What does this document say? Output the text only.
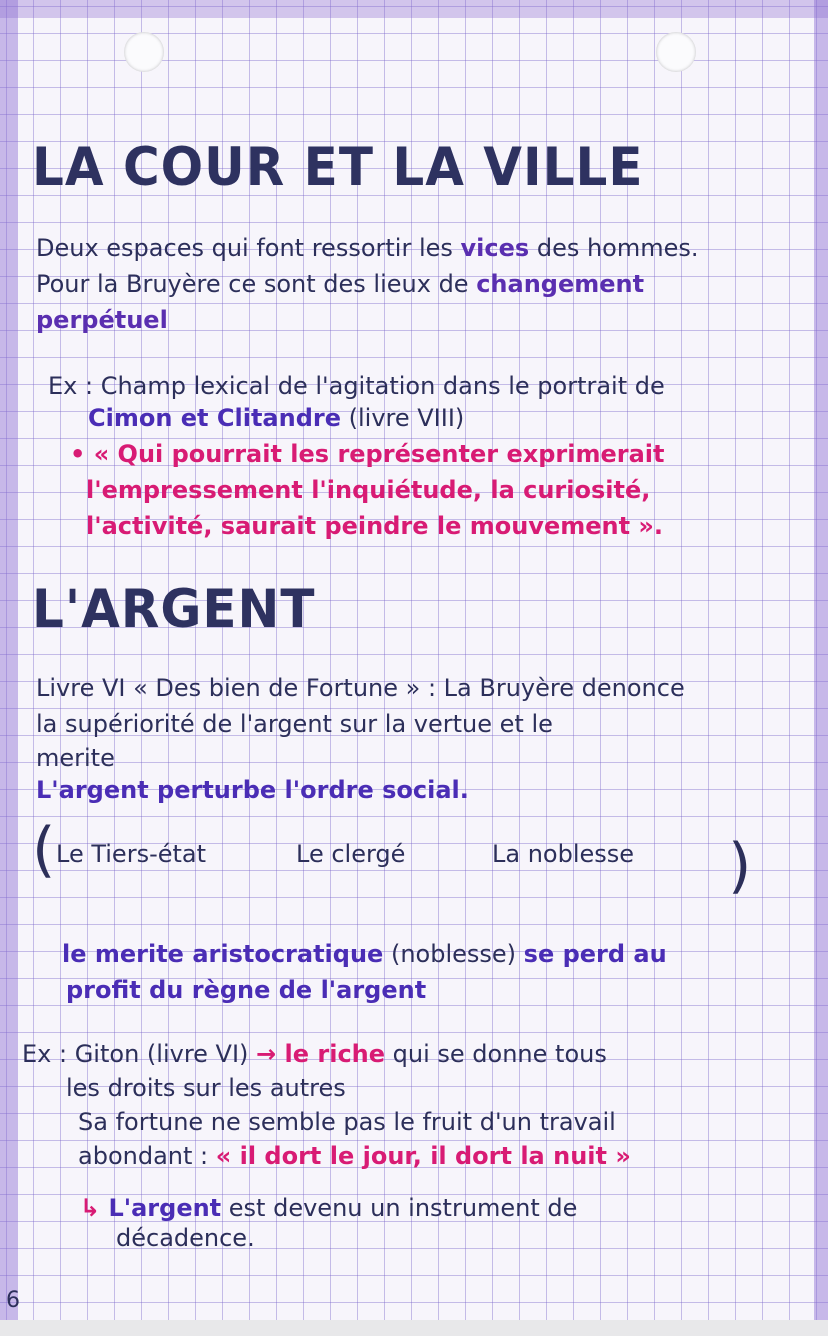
LA COUR ET LA VILLE
Deux espaces qui font ressortir les vices des hommes.
Pour la Bruyère ce sont des lieux de changement
perpétuel
Ex : Champ lexical de l'agitation dans le portrait de
Cimon et Clitandre (livre VIII)
• « Qui pourrait les représenter exprimerait
l'empressement l'inquiétude, la curiosité,
l'activité, saurait peindre le mouvement ».
L'ARGENT
Livre VI « Des bien de Fortune » : La Bruyère denonce
la supériorité de l'argent sur la vertue et le
merite
L'argent perturbe l'ordre social.
( Le Tiers-état	Le clergé	La noblesse )
le merite aristocratique (noblesse) se perd au
profit du règne de l'argent
Ex : Giton (livre VI) → le riche qui se donne tous
les droits sur les autres
Sa fortune ne semble pas le fruit d'un travail
abondant : « il dort le jour, il dort la nuit »
↳ L'argent est devenu un instrument de
décadence.
6
